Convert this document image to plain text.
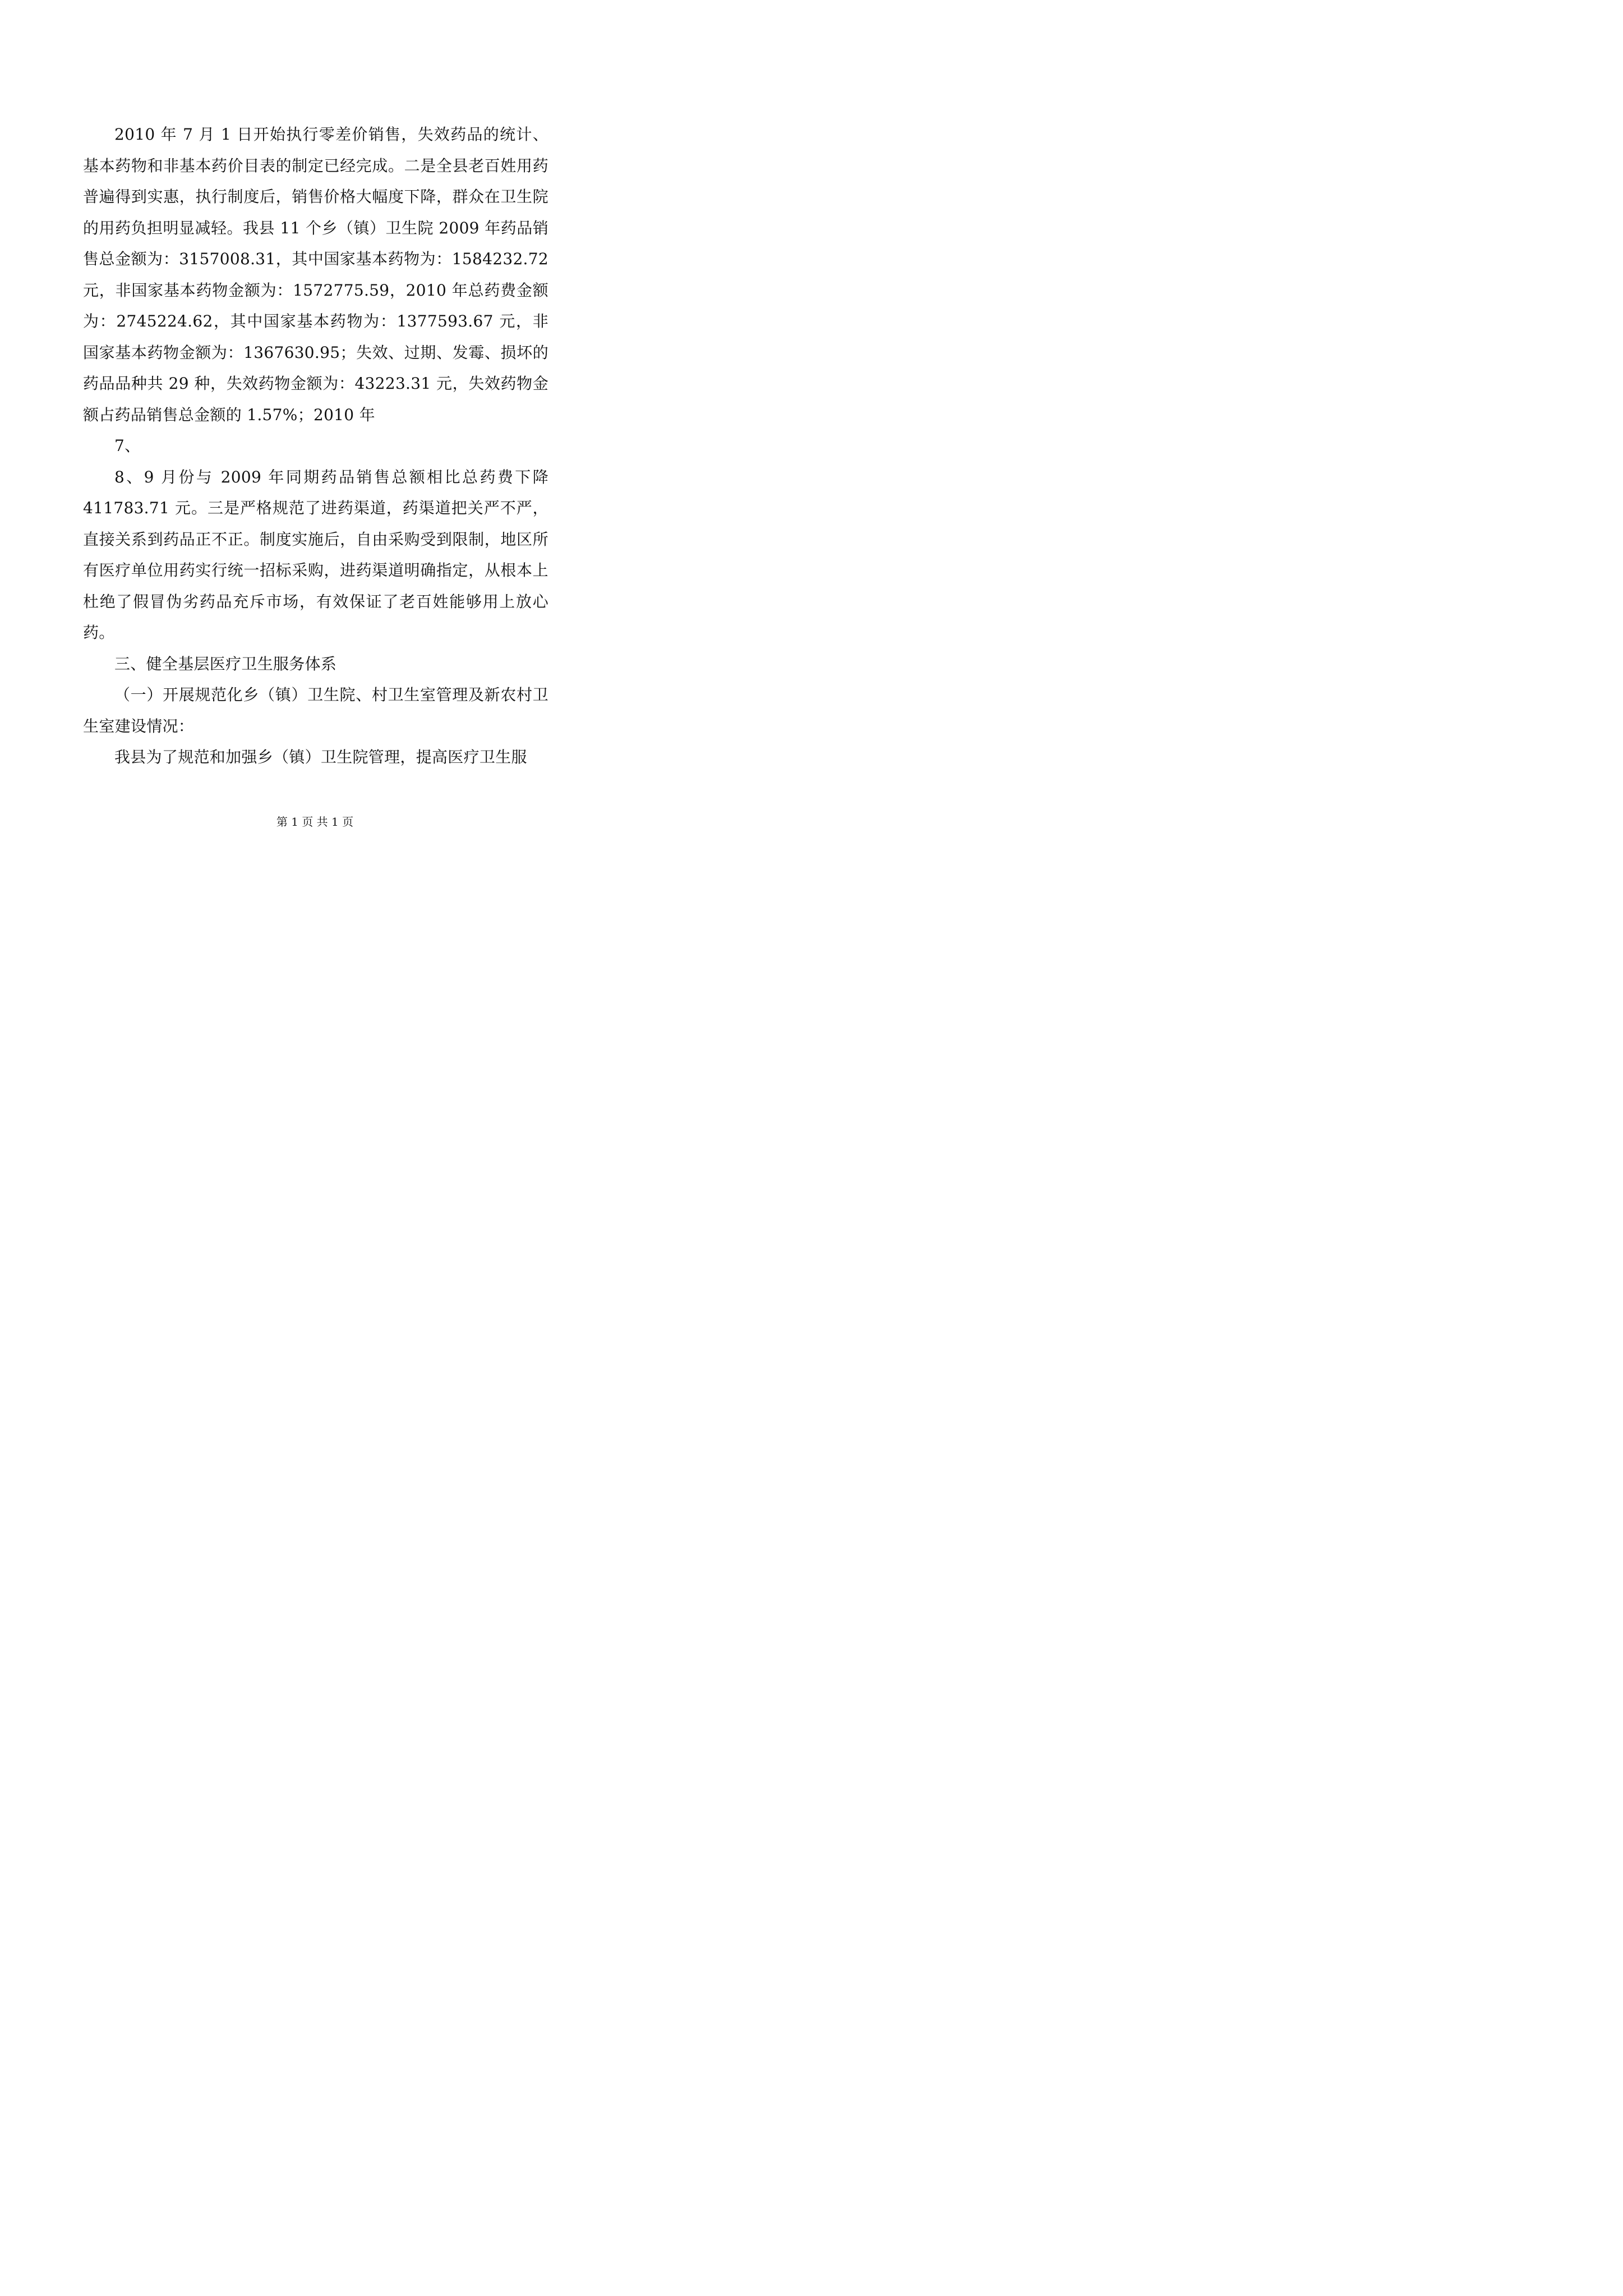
2010 年 7 月 1 日开始执行零差价销售，失效药品的统计、基本药物和非基本药价目表的制定已经完成。二是全县老百姓用药普遍得到实惠，执行制度后，销售价格大幅度下降，群众在卫生院的用药负担明显减轻。我县 11 个乡（镇）卫生院 2009 年药品销售总金额为：3157008.31，其中国家基本药物为：1584232.72 元，非国家基本药物金额为：1572775.59，2010 年总药费金额为：2745224.62，其中国家基本药物为：1377593.67 元，非国家基本药物金额为：1367630.95；失效、过期、发霉、损坏的药品品种共 29 种，失效药物金额为：43223.31 元，失效药物金额占药品销售总金额的 1.57%；2010 年

7、

8、9 月份与 2009 年同期药品销售总额相比总药费下降 411783.71 元。三是严格规范了进药渠道，药渠道把关严不严，直接关系到药品正不正。制度实施后，自由采购受到限制，地区所有医疗单位用药实行统一招标采购，进药渠道明确指定，从根本上杜绝了假冒伪劣药品充斥市场，有效保证了老百姓能够用上放心药。

三、健全基层医疗卫生服务体系

（一）开展规范化乡（镇）卫生院、村卫生室管理及新农村卫生室建设情况：

我县为了规范和加强乡（镇）卫生院管理，提高医疗卫生服

第 1 页 共 1 页
